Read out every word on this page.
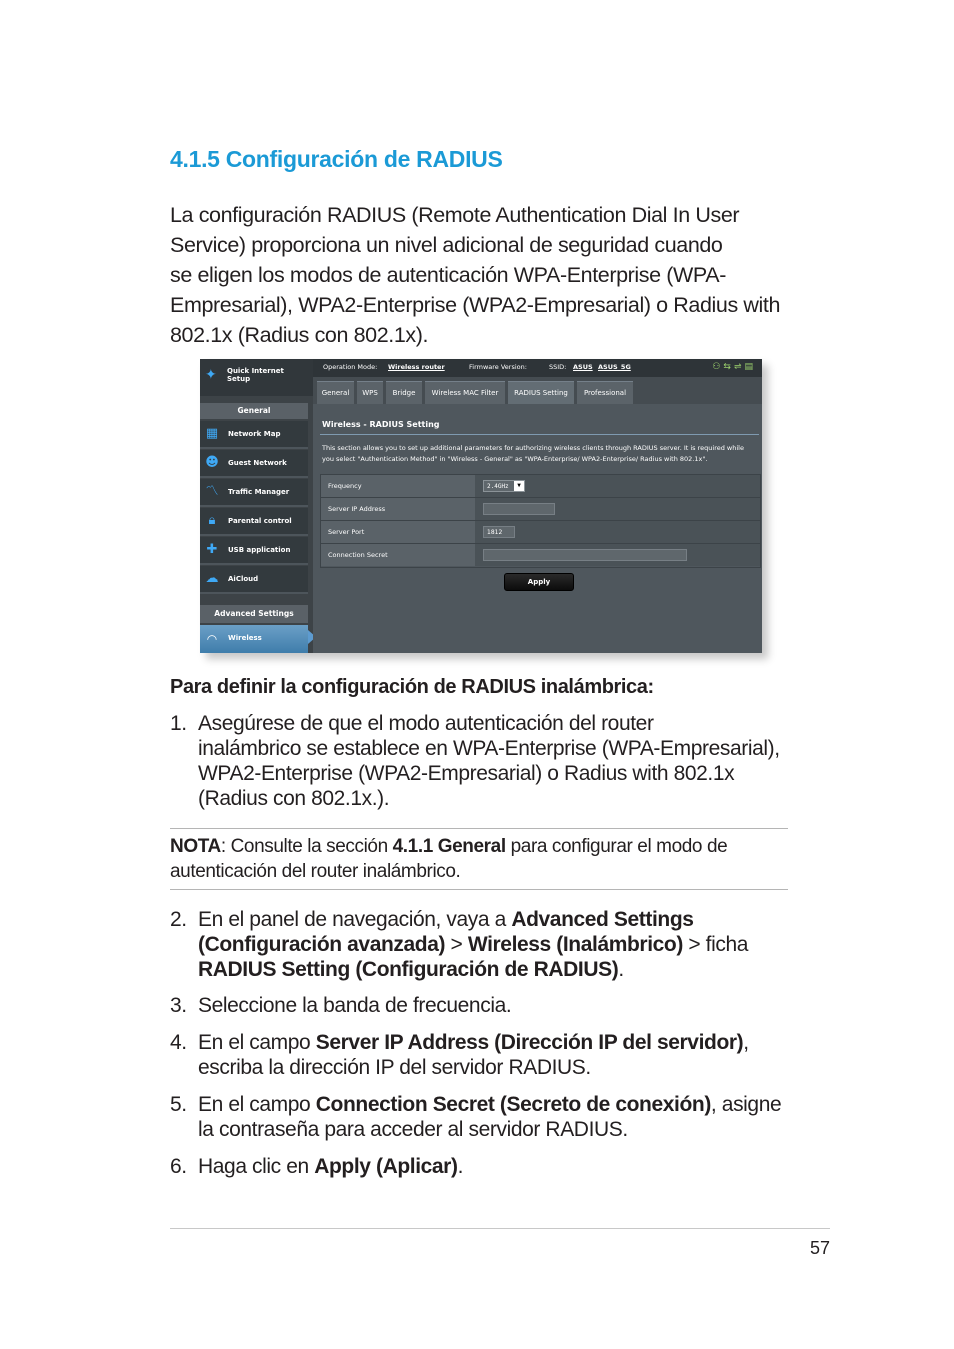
4.1.5 Configuración de RADIUS
La configuración RADIUS (Remote Authentication Dial In User
Service) proporciona un nivel adicional de seguridad cuando
se eligen los modos de autenticación WPA-Enterprise (WPA-
Empresarial), WPA2-Enterprise (WPA2-Empresarial) o Radius with
802.1x (Radius con 802.1x).
✦ Quick Internet
Setup
General
▦ Network Map
☻ Guest Network
〽 Traffic Manager
🔒︎	Parental control
✚	USB application
☁ AiCloud
Advanced Settings
◠	Wireless
Operation Mode: Wireless router	Firmware Version:	SSID: ASUS ASUS_5G	⚇⇆⇌▤
General	WPS	Bridge	Wireless MAC Filter	RADIUS Setting	Professional
Wireless - RADIUS Setting
This section allows you to set up additional parameters for authorizing wireless clients through RADIUS server. It is required while
you select "Authentication Method" in "Wireless - General" as "WPA-Enterprise/ WPA2-Enterprise/ Radius with 802.1x".
Frequency	2.4GHz	▼
Server IP Address
Server Port	1812
Connection Secret
Apply
Para definir la configuración de RADIUS inalámbrica:
1. Asegúrese de que el modo autenticación del router
inalámbrico se establece en WPA-Enterprise (WPA-Empresarial),
WPA2-Enterprise (WPA2-Empresarial) o Radius with 802.1x
(Radius con 802.1x.).
NOTA: Consulte la sección 4.1.1 General para configurar el modo de
autenticación del router inalámbrico.
2. En el panel de navegación, vaya a Advanced Settings
(Configuración avanzada) > Wireless (Inalámbrico) > ficha
RADIUS Setting (Configuración de RADIUS).
3. Seleccione la banda de frecuencia.
4. En el campo Server IP Address (Dirección IP del servidor),
escriba la dirección IP del servidor RADIUS.
5. En el campo Connection Secret (Secreto de conexión), asigne
la contraseña para acceder al servidor RADIUS.
6. Haga clic en Apply (Aplicar).
57
